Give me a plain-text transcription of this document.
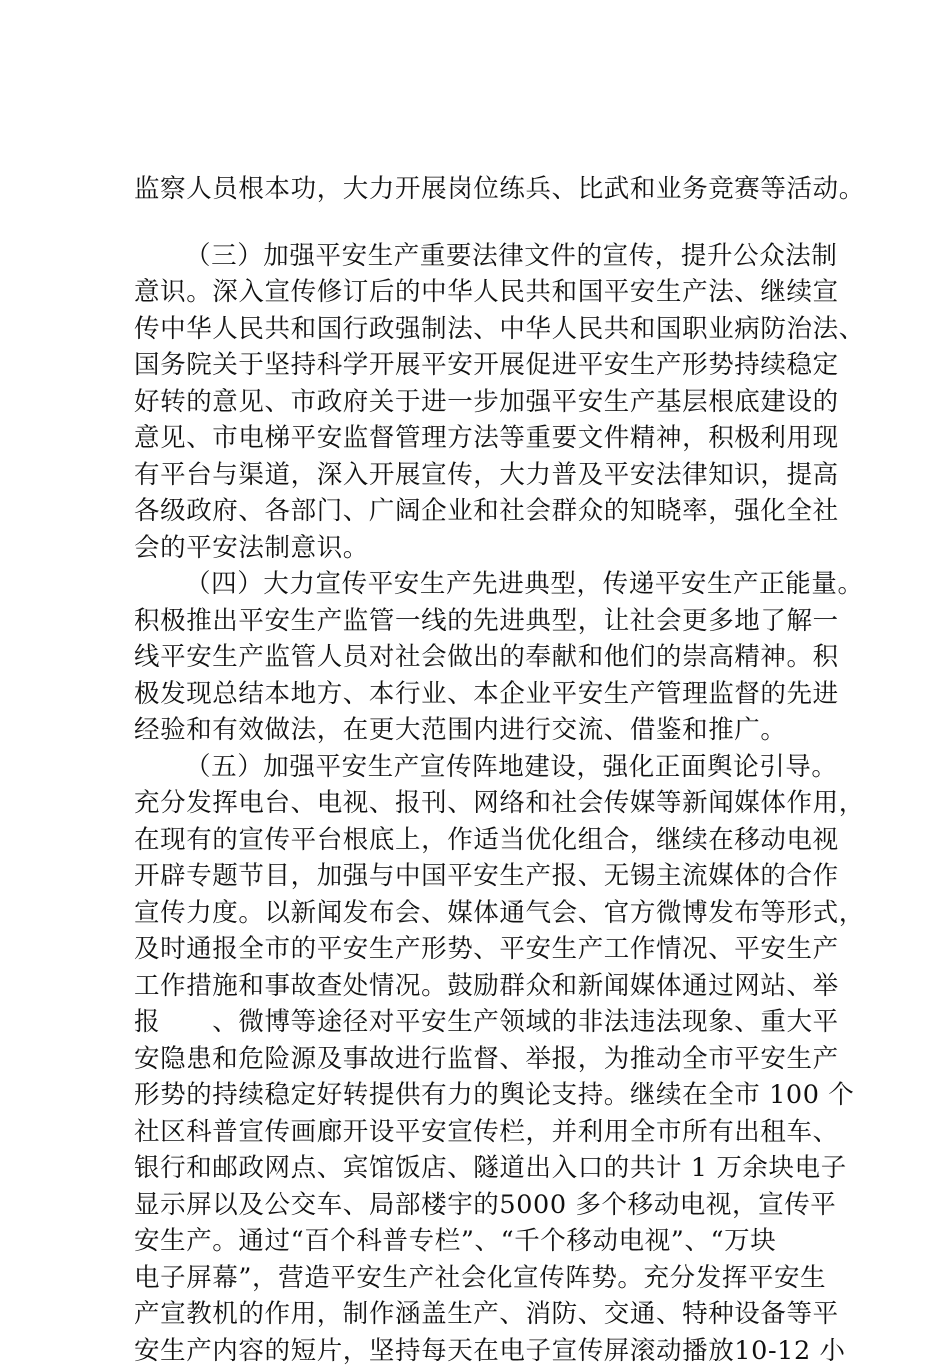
监察人员根本功，大力开展岗位练兵、比武和业务竞赛等活动。
（三）加强平安生产重要法律文件的宣传，提升公众法制
意识。深入宣传修订后的中华人民共和国平安生产法、继续宣
传中华人民共和国行政强制法、中华人民共和国职业病防治法、
国务院关于坚持科学开展平安开展促进平安生产形势持续稳定
好转的意见、市政府关于进一步加强平安生产基层根底建设的
意见、市电梯平安监督管理方法等重要文件精神，积极利用现
有平台与渠道，深入开展宣传，大力普及平安法律知识，提高
各级政府、各部门、广阔企业和社会群众的知晓率，强化全社
会的平安法制意识。
（四）大力宣传平安生产先进典型，传递平安生产正能量。
积极推出平安生产监管一线的先进典型，让社会更多地了解一
线平安生产监管人员对社会做出的奉献和他们的崇高精神。积
极发现总结本地方、本行业、本企业平安生产管理监督的先进
经验和有效做法，在更大范围内进行交流、借鉴和推广。
（五）加强平安生产宣传阵地建设，强化正面舆论引导。
充分发挥电台、电视、报刊、网络和社会传媒等新闻媒体作用，
在现有的宣传平台根底上，作适当优化组合，继续在移动电视
开辟专题节目，加强与中国平安生产报、无锡主流媒体的合作
宣传力度。以新闻发布会、媒体通气会、官方微博发布等形式，
及时通报全市的平安生产形势、平安生产工作情况、平安生产
工作措施和事故查处情况。鼓励群众和新闻媒体通过网站、举
报　　、微博等途径对平安生产领域的非法违法现象、重大平
安隐患和危险源及事故进行监督、举报，为推动全市平安生产
形势的持续稳定好转提供有力的舆论支持。继续在全市 100 个
社区科普宣传画廊开设平安宣传栏，并利用全市所有出租车、
银行和邮政网点、宾馆饭店、隧道出入口的共计 1 万余块电子
显示屏以及公交车、局部楼宇的5000 多个移动电视，宣传平
安生产。通过“百个科普专栏”、“千个移动电视”、“万块
电子屏幕”，营造平安生产社会化宣传阵势。充分发挥平安生
产宣教机的作用，制作涵盖生产、消防、交通、特种设备等平
安生产内容的短片，坚持每天在电子宣传屏滚动播放10-12 小
